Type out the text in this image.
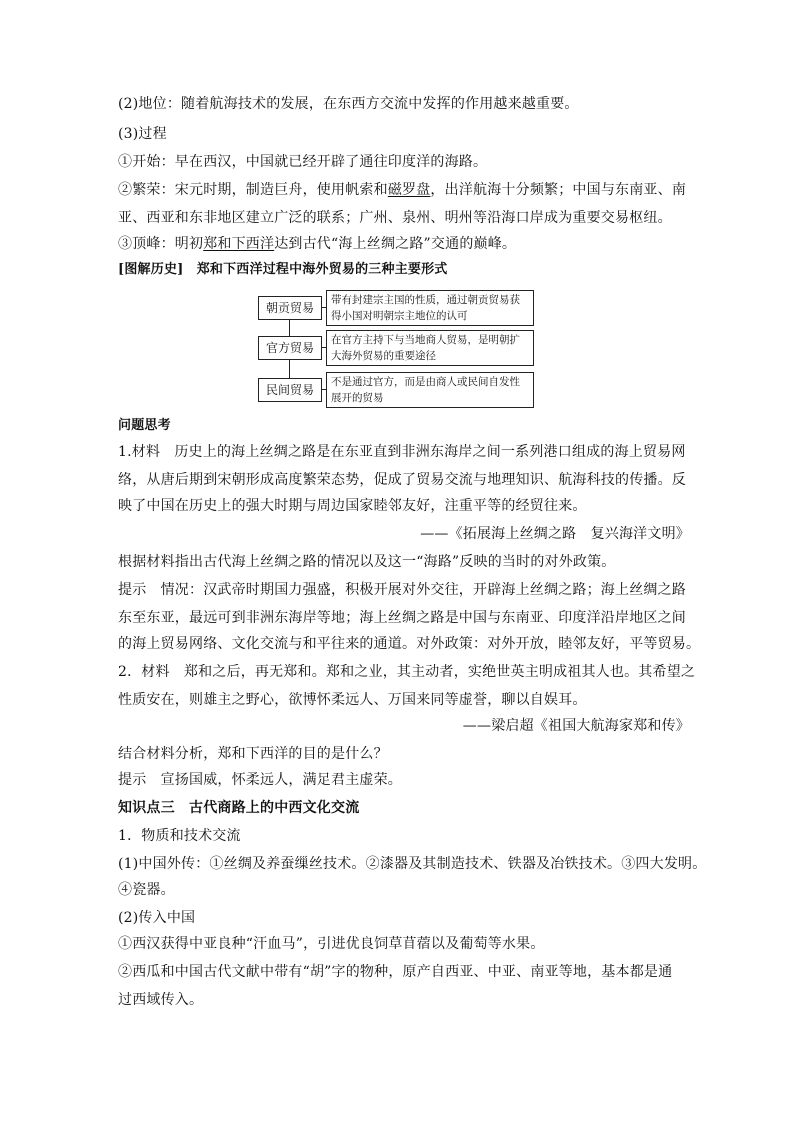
(2)地位：随着航海技术的发展，在东西方交流中发挥的作用越来越重要。
(3)过程
①开始：早在西汉，中国就已经开辟了通往印度洋的海路。
②繁荣：宋元时期，制造巨舟，使用帆索和磁罗盘，出洋航海十分频繁；中国与东南亚、南
亚、西亚和东非地区建立广泛的联系；广州、泉州、明州等沿海口岸成为重要交易枢纽。
③顶峰：明初郑和下西洋达到古代“海上丝绸之路”交通的巅峰。
[图解历史]　郑和下西洋过程中海外贸易的三种主要形式
朝贡贸易
带有封建宗主国的性质，通过朝贡贸易获得小国对明朝宗主地位的认可
官方贸易
在官方主持下与当地商人贸易，是明朝扩大海外贸易的重要途径
民间贸易
不是通过官方，而是由商人或民间自发性展开的贸易
问题思考
1.材料　历史上的海上丝绸之路是在东亚直到非洲东海岸之间一系列港口组成的海上贸易网
络，从唐后期到宋朝形成高度繁荣态势，促成了贸易交流与地理知识、航海科技的传播。反
映了中国在历史上的强大时期与周边国家睦邻友好，注重平等的经贸往来。
——《拓展海上丝绸之路　复兴海洋文明》
根据材料指出古代海上丝绸之路的情况以及这一“海路”反映的当时的对外政策。
提示　情况：汉武帝时期国力强盛，积极开展对外交往，开辟海上丝绸之路；海上丝绸之路
东至东亚，最远可到非洲东海岸等地；海上丝绸之路是中国与东南亚、印度洋沿岸地区之间
的海上贸易网络、文化交流与和平往来的通道。对外政策：对外开放，睦邻友好，平等贸易。
2．材料　郑和之后，再无郑和。郑和之业，其主动者，实绝世英主明成祖其人也。其希望之
性质安在，则雄主之野心，欲博怀柔远人、万国来同等虚誉，聊以自娱耳。
——梁启超《祖国大航海家郑和传》
结合材料分析，郑和下西洋的目的是什么？
提示　宣扬国威，怀柔远人，满足君主虚荣。
知识点三　古代商路上的中西文化交流
1．物质和技术交流
(1)中国外传：①丝绸及养蚕缫丝技术。②漆器及其制造技术、铁器及冶铁技术。③四大发明。
④瓷器。
(2)传入中国
①西汉获得中亚良种“汗血马”，引进优良饲草苜蓿以及葡萄等水果。
②西瓜和中国古代文献中带有“胡”字的物种，原产自西亚、中亚、南亚等地，基本都是通
过西域传入。
